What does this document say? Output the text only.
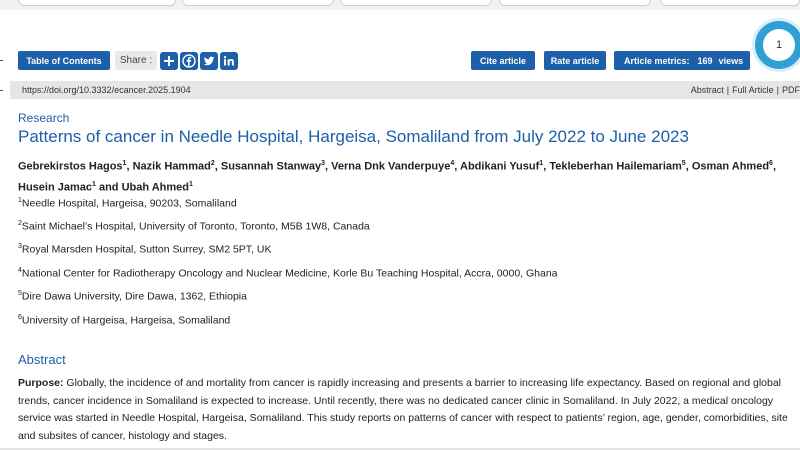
Table of Contents	Share :	Cite article	Rate article	Article metrics: 169 views
1
https://doi.org/10.3332/ecancer.2025.1904	Abstract | Full Article | PDF
Research
Patterns of cancer in Needle Hospital, Hargeisa, Somaliland from July 2022 to June 2023
Gebrekirstos Hagos$^1$, Nazik Hammad$^2$, Susannah Stanway$^3$, Verna Dnk Vanderpuye$^4$, Abdikani Yusuf$^1$, Tekleberhan Hailemariam$^5$, Osman Ahmed$^6$, Husein Jamac$^1$ and Ubah Ahmed$^1$
$^1$Needle Hospital, Hargeisa, 90203, Somaliland
$^2$Saint Michael’s Hospital, University of Toronto, Toronto, M5B 1W8, Canada
$^3$Royal Marsden Hospital, Sutton Surrey, SM2 5PT, UK
$^4$National Center for Radiotherapy Oncology and Nuclear Medicine, Korle Bu Teaching Hospital, Accra, 0000, Ghana
$^5$Dire Dawa University, Dire Dawa, 1362, Ethiopia
$^6$University of Hargeisa, Hargeisa, Somaliland
Abstract
Purpose: Globally, the incidence of and mortality from cancer is rapidly increasing and presents a barrier to increasing life expectancy. Based on regional and global trends, cancer incidence in Somaliland is expected to increase. Until recently, there was no dedicated cancer clinic in Somaliland. In July 2022, a medical oncology service was started in Needle Hospital, Hargeisa, Somaliland. This study reports on patterns of cancer with respect to patients’ region, age, gender, comorbidities, site and subsites of cancer, histology and stages.
